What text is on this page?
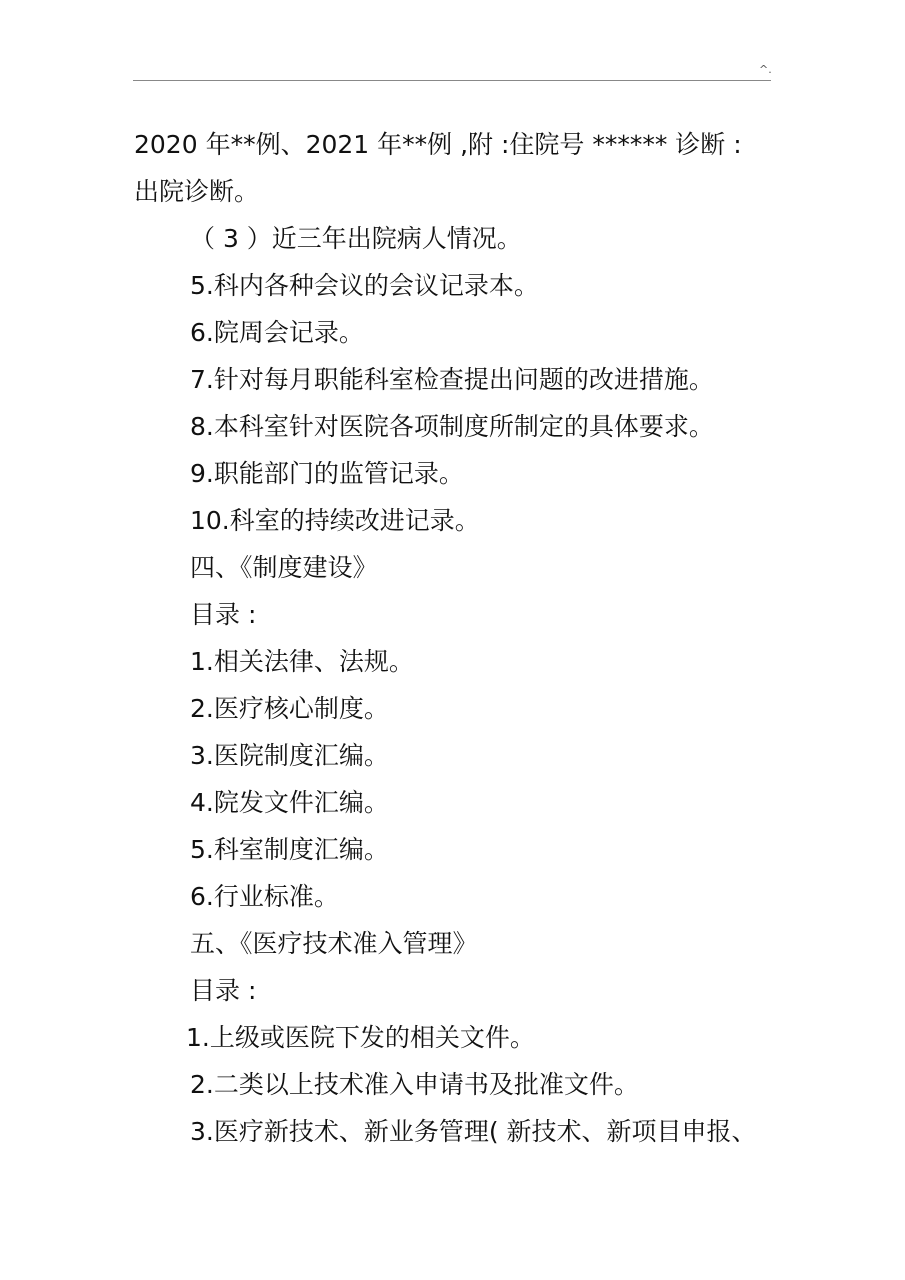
^.
2020 年**例、2021 年**例 ,附 :住院号 ****** 诊断 :
出院诊断。
（ 3 ）近三年出院病人情况。
5.科内各种会议的会议记录本。
6.院周会记录。
7.针对每月职能科室检查提出问题的改进措施。
8.本科室针对医院各项制度所制定的具体要求。
9.职能部门的监管记录。
10.科室的持续改进记录。
四、《制度建设》
目录 :
1.相关法律、法规。
2.医疗核心制度。
3.医院制度汇编。
4.院发文件汇编。
5.科室制度汇编。
6.行业标准。
五、《医疗技术准入管理》
目录 :
1.上级或医院下发的相关文件。
2.二类以上技术准入申请书及批准文件。
3.医疗新技术、新业务管理( 新技术、新项目申报、
